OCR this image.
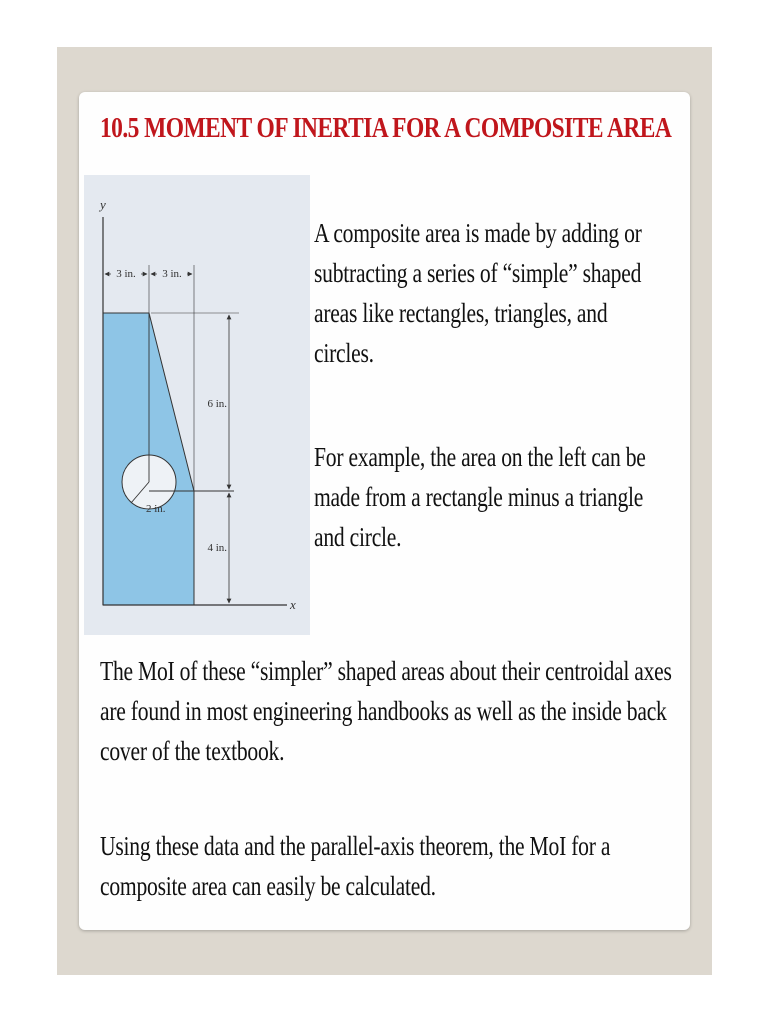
10.5 MOMENT OF INERTIA FOR A COMPOSITE AREA
y
x
3 in. 3 in.
6 in.
4 in.
2 in.

A composite area is made by adding or subtracting a series of “simple” shaped areas like rectangles, triangles, and circles.

For example, the area on the left can be made from a rectangle minus a triangle and circle.

The MoI of these “simpler” shaped areas about their centroidal axes are found in most engineering handbooks as well as the inside back cover of the textbook.

Using these data and the parallel-axis theorem, the MoI for a composite area can easily be calculated.
